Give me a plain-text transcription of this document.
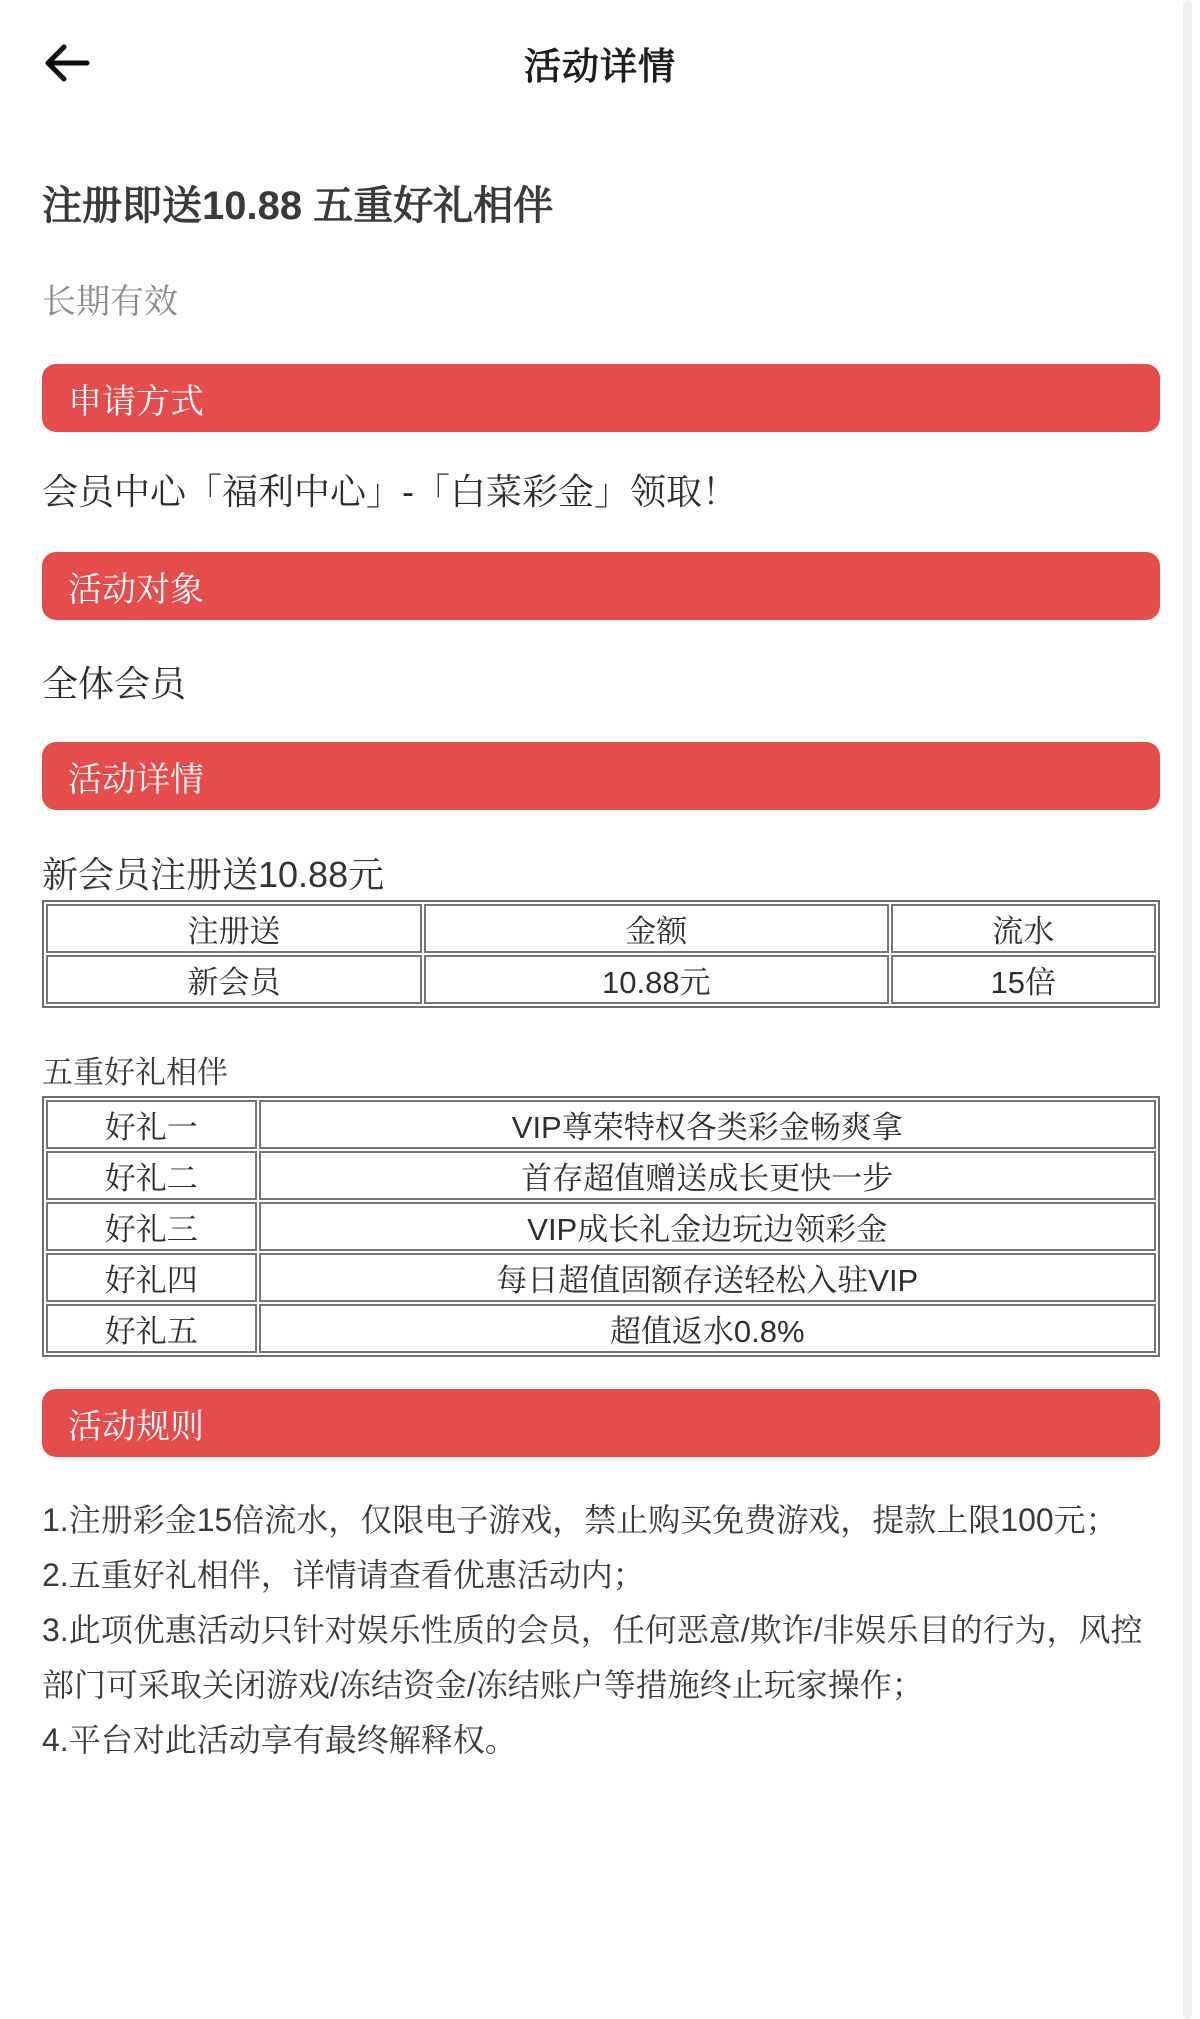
活动详情
注册即送10.88 五重好礼相伴
长期有效
申请方式
会员中心「福利中心」-「白菜彩金」领取！
活动对象
全体会员
活动详情
新会员注册送10.88元
注册送	金额	流水
新会员	10.88元	15倍
五重好礼相伴
好礼一	VIP尊荣特权各类彩金畅爽拿
好礼二	首存超值赠送成长更快一步
好礼三	VIP成长礼金边玩边领彩金
好礼四	每日超值固额存送轻松入驻VIP
好礼五	超值返水0.8%
活动规则
1.注册彩金15倍流水，仅限电子游戏，禁止购买免费游戏，提款上限100元；
2.五重好礼相伴，详情请查看优惠活动内；
3.此项优惠活动只针对娱乐性质的会员，任何恶意/欺诈/非娱乐目的行为，风控部门可采取关闭游戏/冻结资金/冻结账户等措施终止玩家操作；
4.平台对此活动享有最终解释权。
